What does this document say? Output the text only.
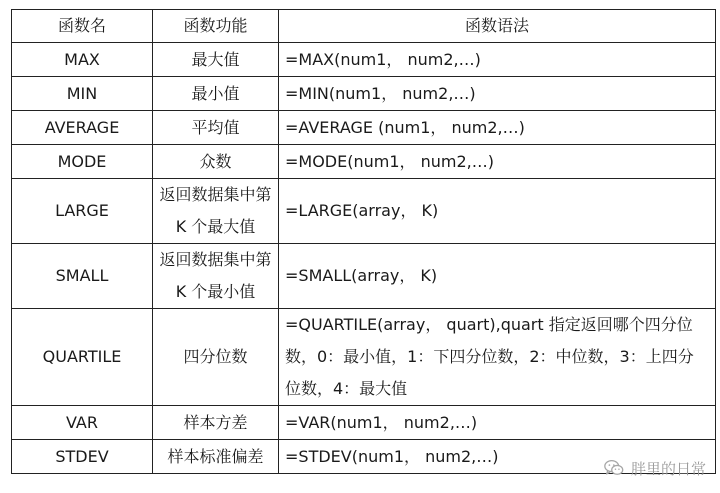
函数名	函数功能	函数语法
MAX	最大值	=MAX(num1， num2,…)
MIN	最小值	=MIN(num1， num2,…)
AVERAGE	平均值	=AVERAGE (num1， num2,…)
MODE	众数	=MODE(num1， num2,…)
LARGE	返回数据集中第K 个最大值	=LARGE(array， K)
SMALL	返回数据集中第K 个最小值	=SMALL(array， K)
QUARTILE	四分位数	=QUARTILE(array， quart),quart 指定返回哪个四分位数，0：最小值，1：下四分位数，2：中位数，3：上四分位数，4：最大值
VAR	样本方差	=VAR(num1， num2,…)
STDEV	样本标准偏差	=STDEV(num1， num2,…)
胖里的日常
